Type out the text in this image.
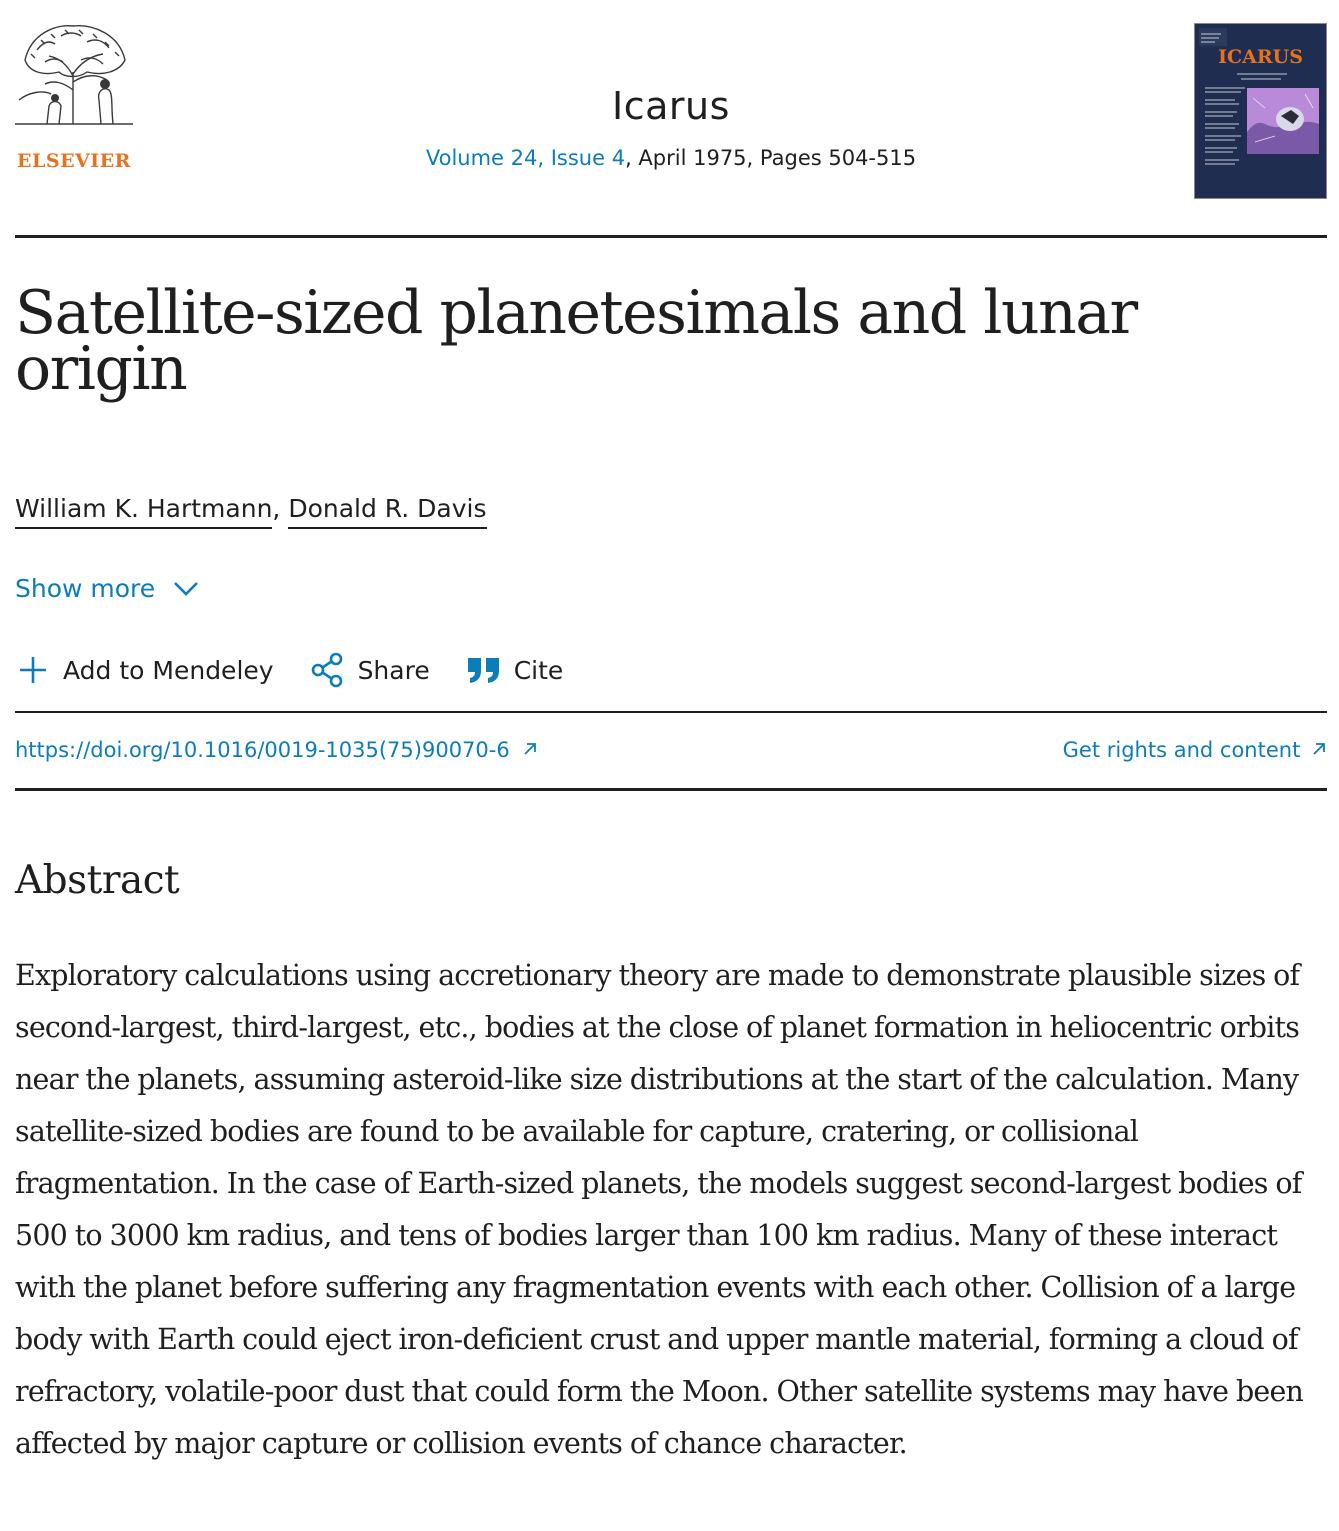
ELSEVIER
Icarus
Volume 24, Issue 4, April 1975, Pages 504-515
ICARUS
Satellite-sized planetesimals and lunar origin
William K. Hartmann, Donald R. Davis
Show more
Add to Mendeley	Share	Cite
https://doi.org/10.1016/0019-1035(75)90070-6	Get rights and content
Abstract

Exploratory calculations using accretionary theory are made to demonstrate plausible sizes of second-largest, third-largest, etc., bodies at the close of planet formation in heliocentric orbits near the planets, assuming asteroid-like size distributions at the start of the calculation. Many satellite-sized bodies are found to be available for capture, cratering, or collisional fragmentation. In the case of Earth-sized planets, the models suggest second-largest bodies of 500 to 3000 km radius, and tens of bodies larger than 100 km radius. Many of these interact with the planet before suffering any fragmentation events with each other. Collision of a large body with Earth could eject iron-deficient crust and upper mantle material, forming a cloud of refractory, volatile-poor dust that could form the Moon. Other satellite systems may have been affected by major capture or collision events of chance character.
